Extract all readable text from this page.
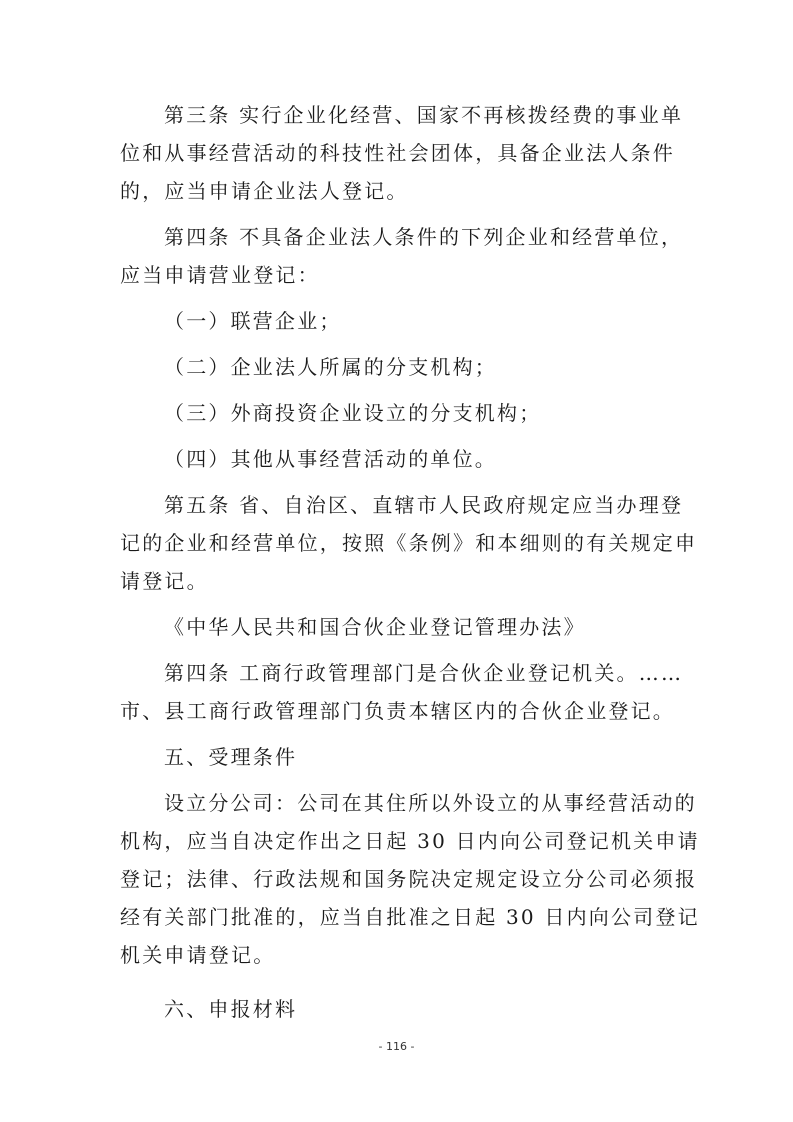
第三条 实行企业化经营、国家不再核拨经费的事业单
位和从事经营活动的科技性社会团体，具备企业法人条件
的，应当申请企业法人登记。
第四条 不具备企业法人条件的下列企业和经营单位，
应当申请营业登记：
（一）联营企业；
（二）企业法人所属的分支机构；
（三）外商投资企业设立的分支机构；
（四）其他从事经营活动的单位。
第五条 省、自治区、直辖市人民政府规定应当办理登
记的企业和经营单位，按照《条例》和本细则的有关规定申
请登记。
《中华人民共和国合伙企业登记管理办法》
第四条 工商行政管理部门是合伙企业登记机关。……
市、县工商行政管理部门负责本辖区内的合伙企业登记。
五、受理条件
设立分公司：公司在其住所以外设立的从事经营活动的
机构，应当自决定作出之日起 30 日内向公司登记机关申请
登记；法律、行政法规和国务院决定规定设立分公司必须报
经有关部门批准的，应当自批准之日起 30 日内向公司登记
机关申请登记。
六、申报材料
- 116 -
